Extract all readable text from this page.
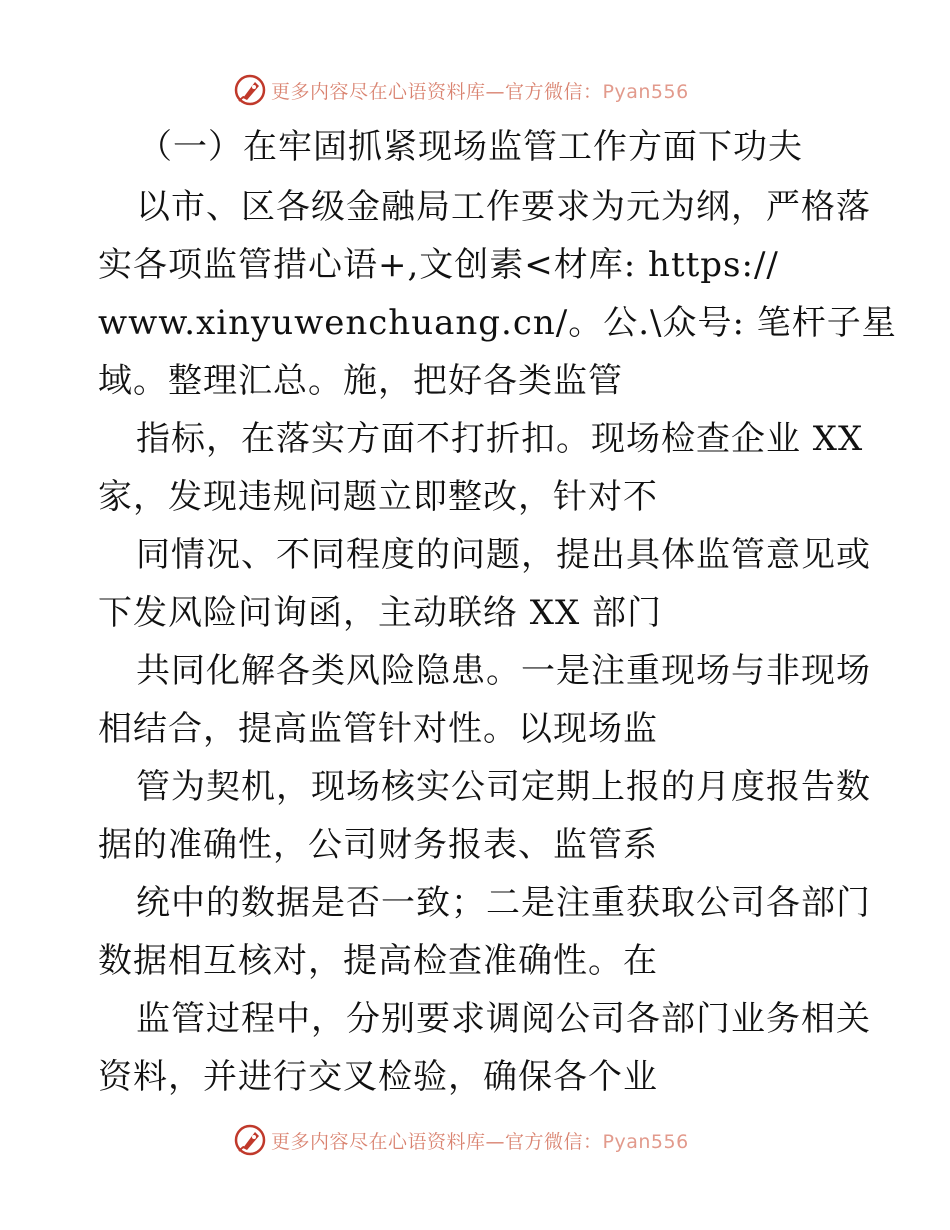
更多内容尽在心语资料库—官方微信：Pyan556
（一）在牢固抓紧现场监管工作方面下功夫
以市、区各级金融局工作要求为元为纲，严格落
实各项监管措心语+,文创素<材库: https://
www.xinyuwenchuang.cn/。公.\众号: 笔杆子星
域。整理汇总。施，把好各类监管
指标，在落实方面不打折扣。现场检查企业 XX
家，发现违规问题立即整改，针对不
同情况、不同程度的问题，提出具体监管意见或
下发风险问询函，主动联络 XX 部门
共同化解各类风险隐患。一是注重现场与非现场
相结合，提高监管针对性。以现场监
管为契机，现场核实公司定期上报的月度报告数
据的准确性，公司财务报表、监管系
统中的数据是否一致；二是注重获取公司各部门
数据相互核对，提高检查准确性。在
监管过程中，分别要求调阅公司各部门业务相关
资料，并进行交叉检验，确保各个业
更多内容尽在心语资料库—官方微信：Pyan556
